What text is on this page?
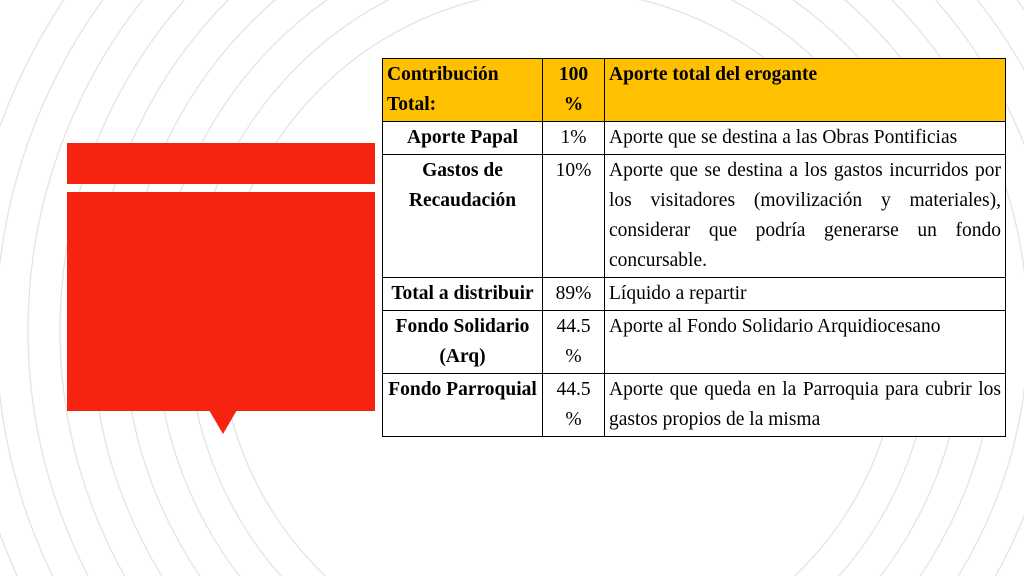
Contribución Total:	100 %	Aporte total del erogante
Aporte Papal	1%	Aporte que se destina a las Obras Pontificias
Gastos de Recaudación	10%	Aporte que se destina a los gastos incurridos por los visitadores (movilización y materiales), considerar que podría generarse un fondo concursable.
Total a distribuir	89%	Líquido a repartir
Fondo Solidario (Arq)	44.5 %	Aporte al Fondo Solidario Arquidiocesano
Fondo Parroquial	44.5 %	Aporte que queda en la Parroquia para cubrir los gastos propios de la misma
